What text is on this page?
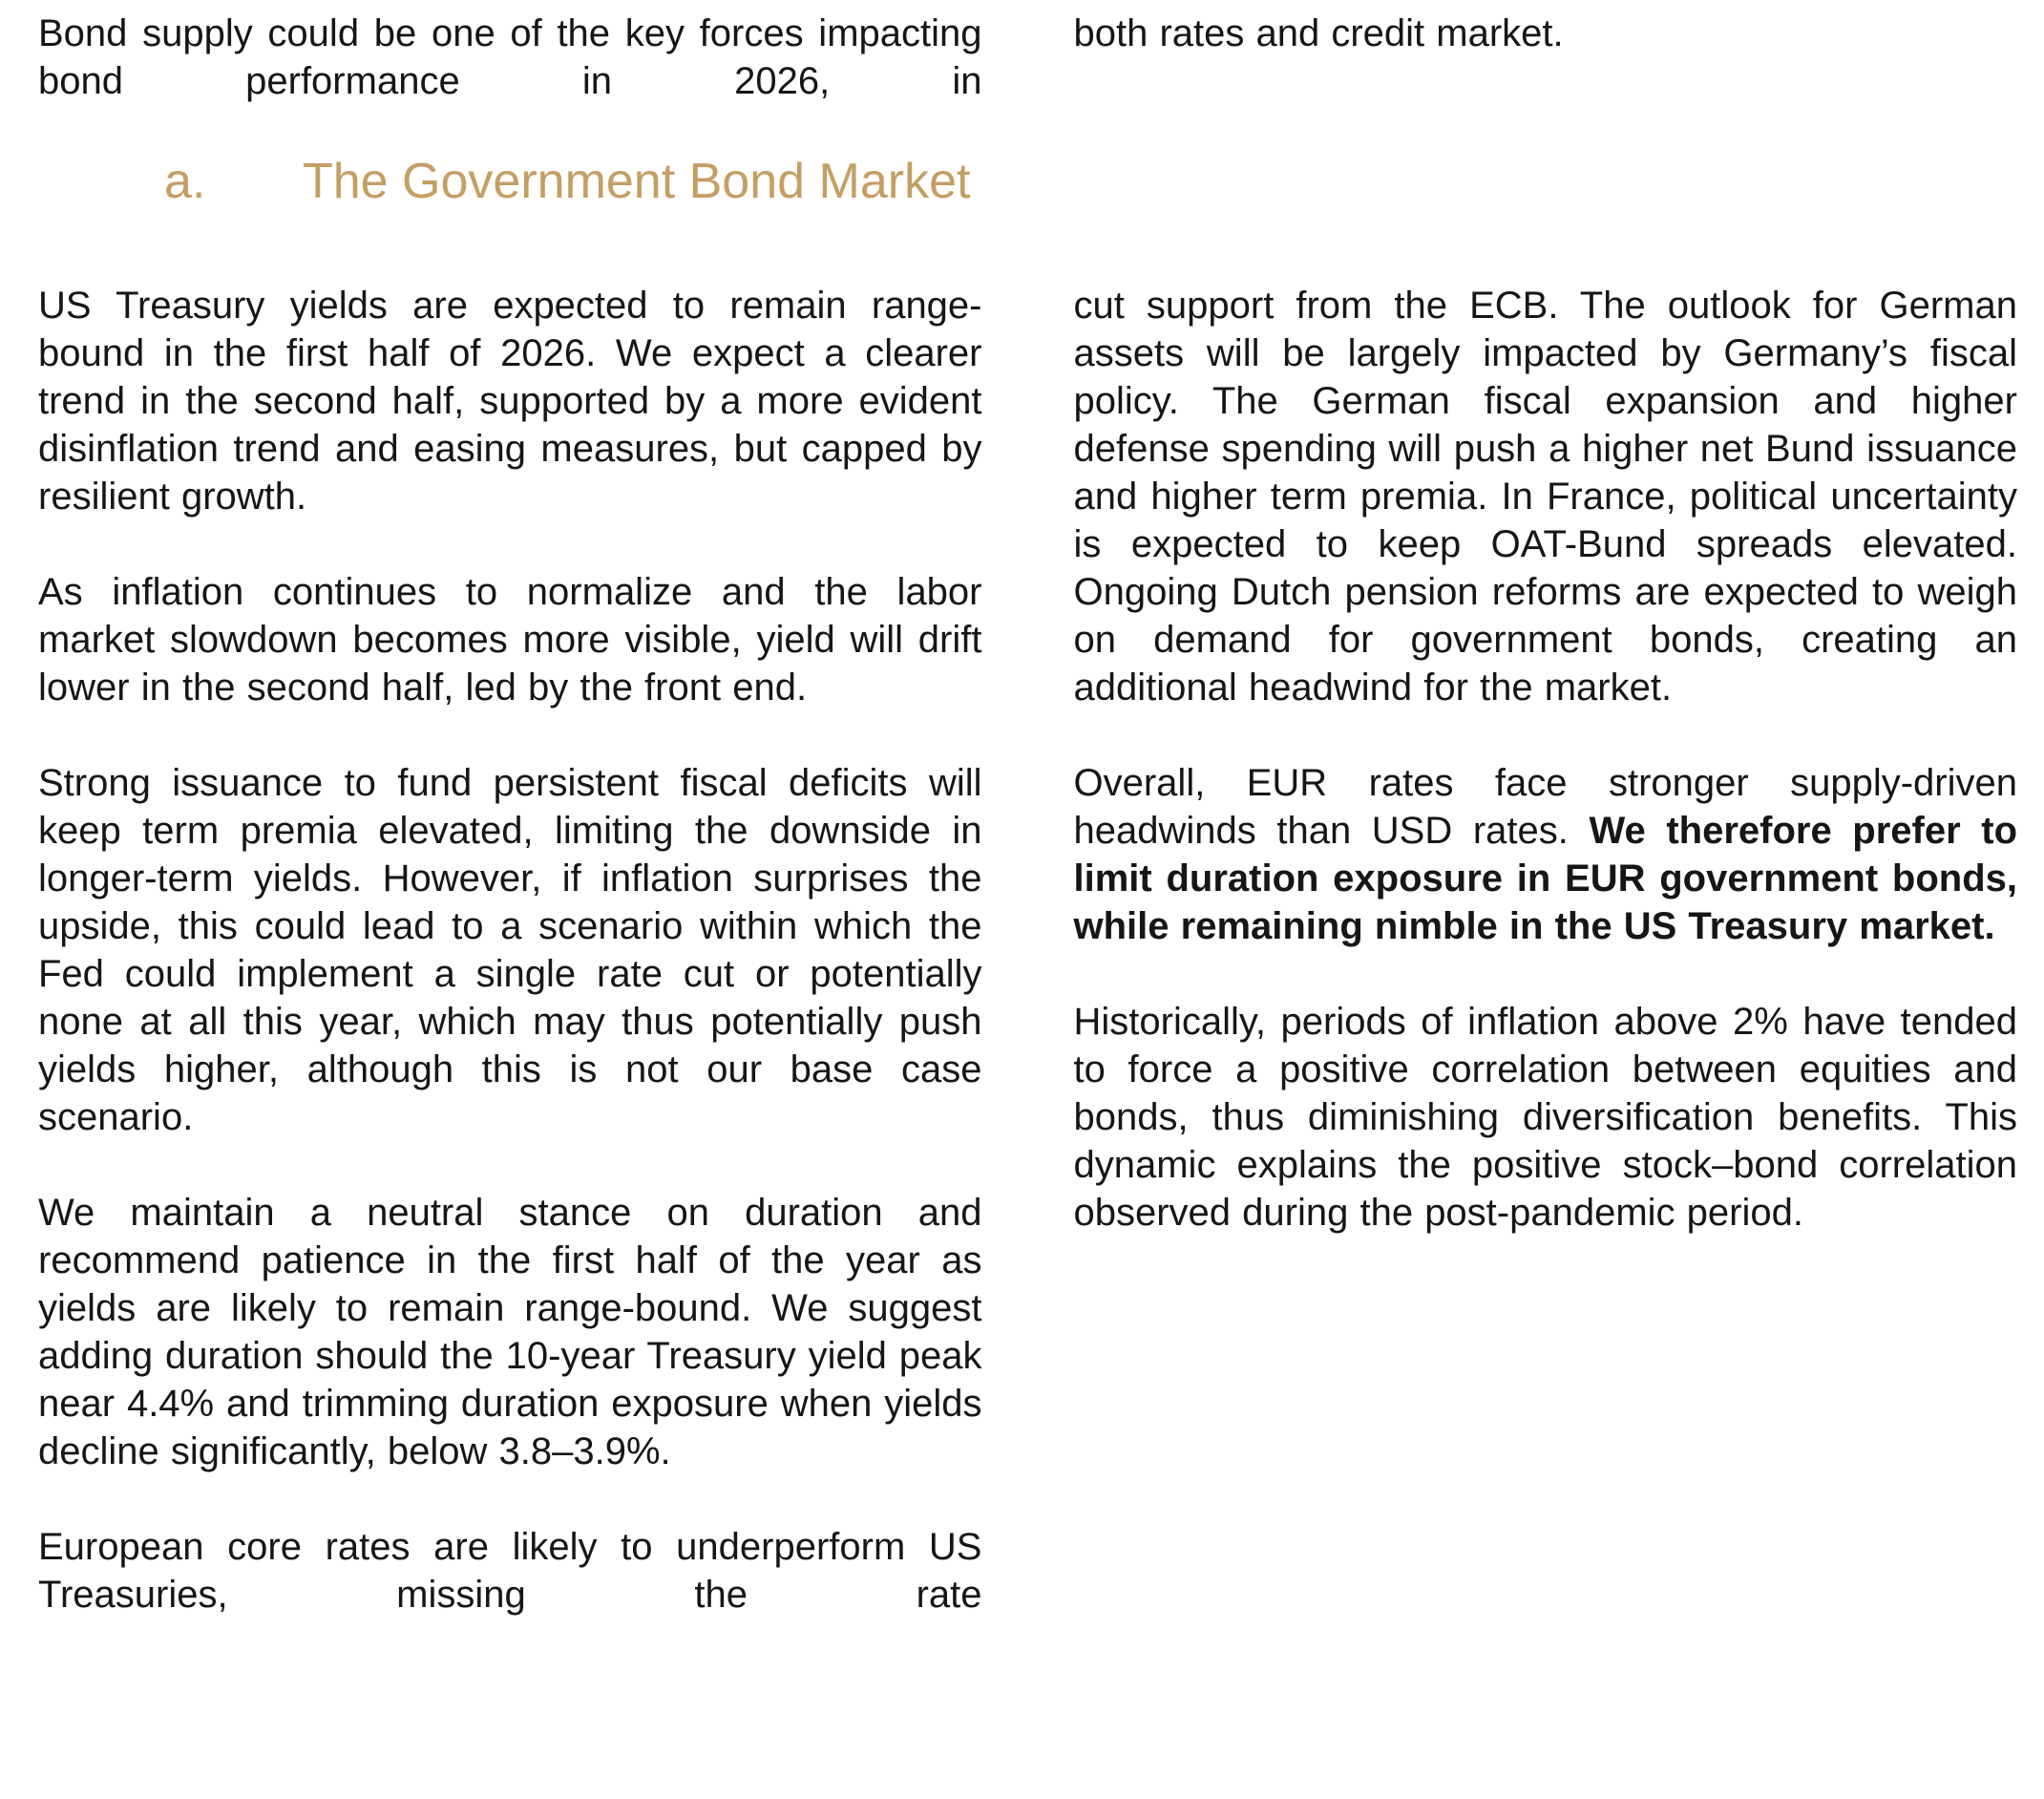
Bond supply could be one of the key forces impacting bond performance in 2026, in

both rates and credit market.

a.	The Government Bond Market

US Treasury yields are expected to remain range-bound in the first half of 2026. We expect a clearer trend in the second half, supported by a more evident disinflation trend and easing measures, but capped by resilient growth.

As inflation continues to normalize and the labor market slowdown becomes more visible, yield will drift lower in the second half, led by the front end.

Strong issuance to fund persistent fiscal deficits will keep term premia elevated, limiting the downside in longer-term yields. However, if inflation surprises the upside, this could lead to a scenario within which the Fed could implement a single rate cut or potentially none at all this year, which may thus potentially push yields higher, although this is not our base case scenario.

We maintain a neutral stance on duration and recommend patience in the first half of the year as yields are likely to remain range-bound. We suggest adding duration should the 10-year Treasury yield peak near 4.4% and trimming duration exposure when yields decline significantly, below 3.8–3.9%.

European core rates are likely to underperform US Treasuries, missing the rate

cut support from the ECB. The outlook for German assets will be largely impacted by Germany’s fiscal policy. The German fiscal expansion and higher defense spending will push a higher net Bund issuance and higher term premia. In France, political uncertainty is expected to keep OAT-Bund spreads elevated. Ongoing Dutch pension reforms are expected to weigh on demand for government bonds, creating an additional headwind for the market.

Overall, EUR rates face stronger supply-driven headwinds than USD rates. We therefore prefer to limit duration exposure in EUR government bonds, while remaining nimble in the US Treasury market.

Historically, periods of inflation above 2% have tended to force a positive correlation between equities and bonds, thus diminishing diversification benefits. This dynamic explains the positive stock–bond correlation observed during the post-pandemic period.
